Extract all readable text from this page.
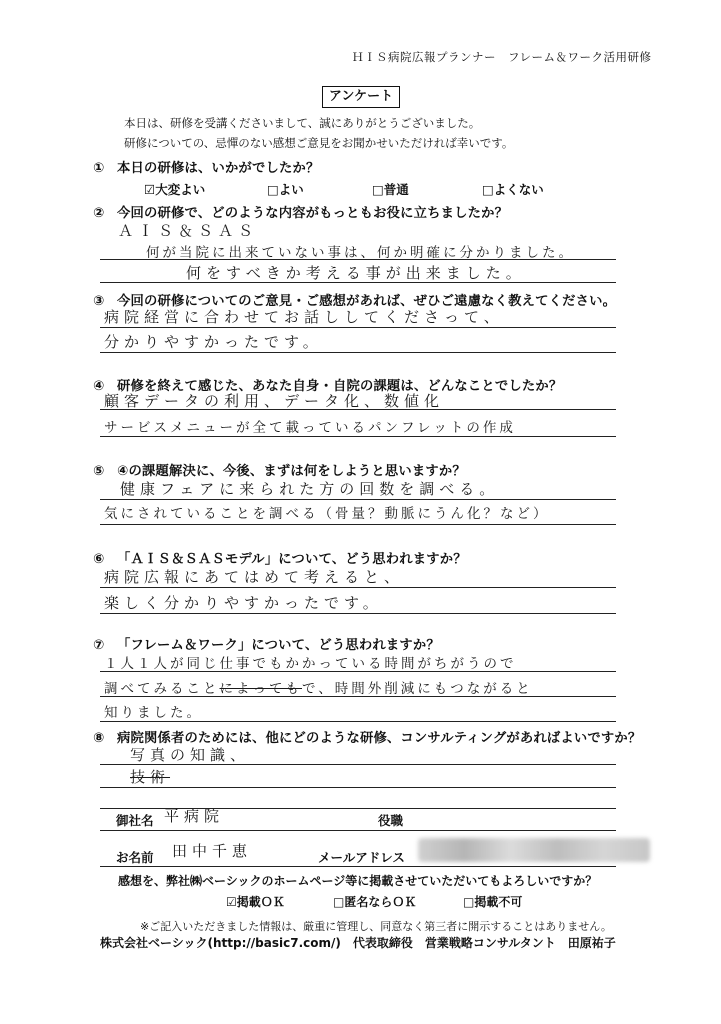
ＨＩＳ病院広報プランナー　フレーム＆ワーク活用研修
アンケート
本日は、研修を受講くださいまして、誠にありがとうございました。
研修についての、忌憚のない感想ご意見をお聞かせいただければ幸いです。
① 本日の研修は、いかがでしたか？
☑大変よい	□よい	□普通	□よくない
② 今回の研修で、どのような内容がもっともお役に立ちましたか？
ＡＩＳ＆ＳＡＳ
何が当院に出来ていない事は、何か明確に分かりました。
何をすべきか考える事が出来ました。
③ 今回の研修についてのご意見・ご感想があれば、ぜひご遠慮なく教えてください。
病院経営に合わせてお話ししてくださって、
分かりやすかったです。
④ 研修を終えて感じた、あなた自身・自院の課題は、どんなことでしたか？
顧客データの利用、データ化、数値化
サービスメニューが全て載っているパンフレットの作成
⑤ ④の課題解決に、今後、まずは何をしようと思いますか？
健康フェアに来られた方の回数を調べる。
気にされていることを調べる（骨量？動脈にうん化？など）
⑥ 「ＡＩＳ＆ＳＡＳモデル」について、どう思われますか？
病院広報にあてはめて考えると、
楽しく分かりやすかったです。
⑦ 「フレーム＆ワーク」について、どう思われますか？
１人１人が同じ仕事でもかかっている時間がちがうので
調べてみることによってもで、時間外削減にもつながると
知りました。
⑧ 病院関係者のためには、他にどのような研修、コンサルティングがあればよいですか？
写真の知識、
技術
御社名 平病院	役職
お名前 田中千恵	メールアドレス
感想を、弊社㈱ベーシックのホームページ等に掲載させていただいてもよろしいですか？
☑掲載ＯＫ	□匿名ならＯＫ	□掲載不可
※ご記入いただきました情報は、厳重に管理し、同意なく第三者に開示することはありません。
株式会社ベーシック(http://basic7.com/)　代表取締役　営業戦略コンサルタント　田原祐子
